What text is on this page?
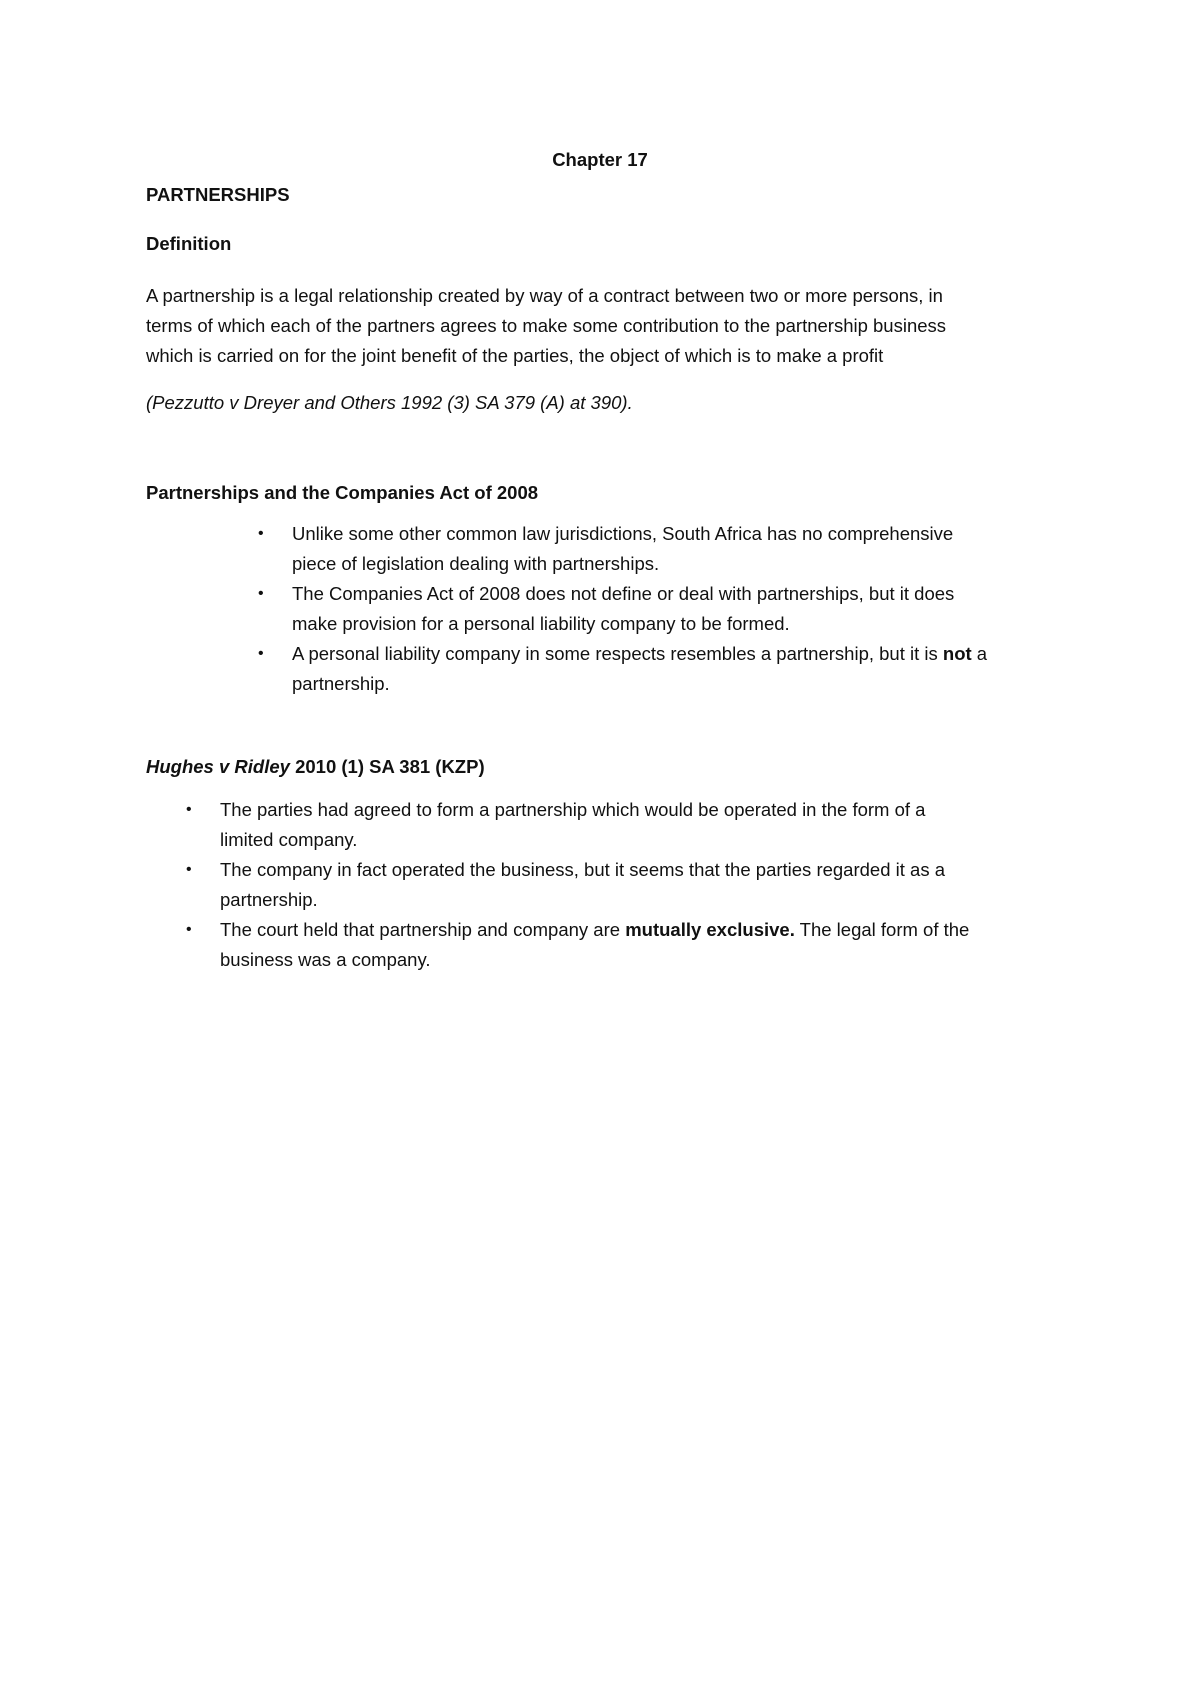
Chapter 17

PARTNERSHIPS

Definition

A partnership is a legal relationship created by way of a contract between two or more persons, in
terms of which each of the partners agrees to make some contribution to the partnership business
which is carried on for the joint benefit of the parties, the object of which is to make a profit

(Pezzutto v Dreyer and Others 1992 (3) SA 379 (A) at 390).

Partnerships and the Companies Act of 2008

• Unlike some other common law jurisdictions, South Africa has no comprehensive
piece of legislation dealing with partnerships.
• The Companies Act of 2008 does not define or deal with partnerships, but it does
make provision for a personal liability company to be formed.
• A personal liability company in some respects resembles a partnership, but it is not a
partnership.

Hughes v Ridley 2010 (1) SA 381 (KZP)

• The parties had agreed to form a partnership which would be operated in the form of a
limited company.
• The company in fact operated the business, but it seems that the parties regarded it as a
partnership.
• The court held that partnership and company are mutually exclusive. The legal form of the
business was a company.
